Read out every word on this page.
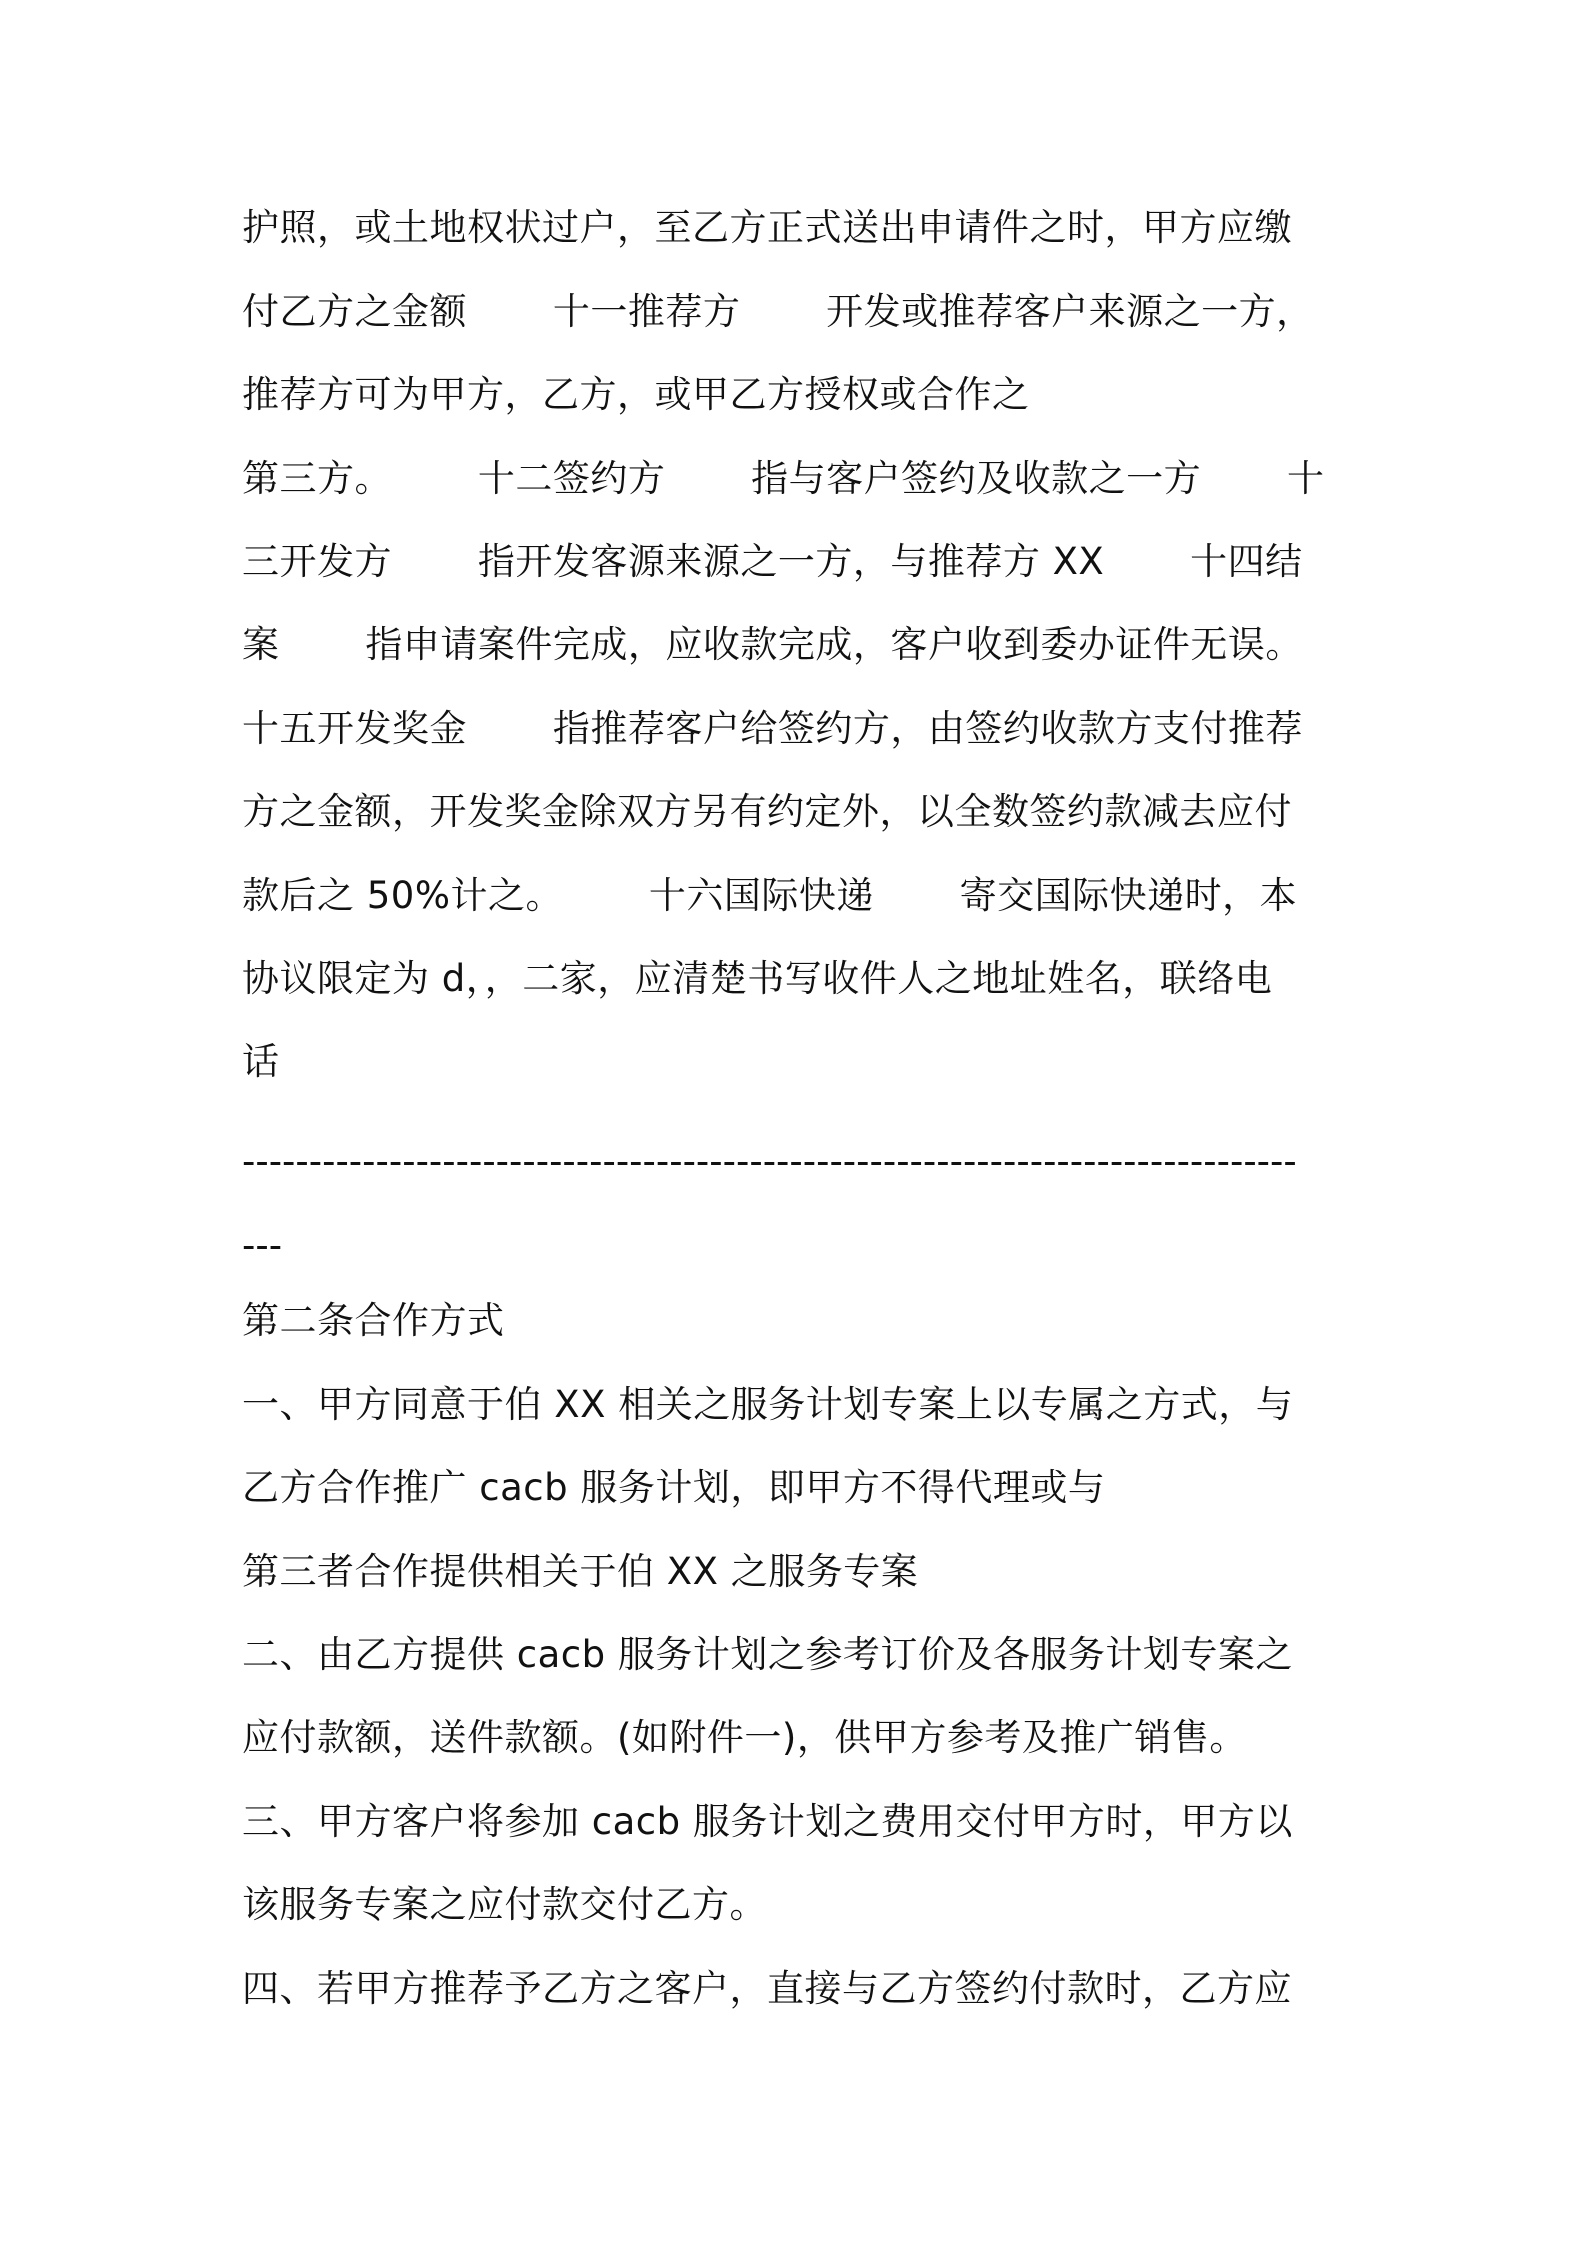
护照，或土地权状过户，至乙方正式送出申请件之时，甲方应缴
付乙方之金额       十一推荐方       开发或推荐客户来源之一方，
推荐方可为甲方，乙方，或甲乙方授权或合作之
第三方。       十二签约方       指与客户签约及收款之一方       十
三开发方       指开发客源来源之一方，与推荐方 XX       十四结
案       指申请案件完成，应收款完成，客户收到委办证件无误。
十五开发奖金       指推荐客户给签约方，由签约收款方支付推荐
方之金额，开发奖金除双方另有约定外，以全数签约款减去应付
款后之 50%计之。       十六国际快递       寄交国际快递时，本
协议限定为 d，，二家，应清楚书写收件人之地址姓名，联络电
话
-------------------------------------------------------------------------------
---
第二条合作方式
一、甲方同意于伯 XX 相关之服务计划专案上以专属之方式，与
乙方合作推广 cacb 服务计划，即甲方不得代理或与
第三者合作提供相关于伯 XX 之服务专案
二、由乙方提供 cacb 服务计划之参考订价及各服务计划专案之
应付款额，送件款额。(如附件一)，供甲方参考及推广销售。
三、甲方客户将参加 cacb 服务计划之费用交付甲方时，甲方以
该服务专案之应付款交付乙方。
四、若甲方推荐予乙方之客户，直接与乙方签约付款时，乙方应
